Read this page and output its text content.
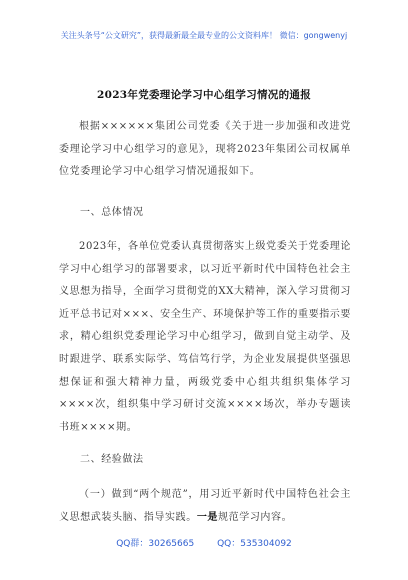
关注头条号“公文研究”，获得最新最全最专业的公文资料库！ 微信：gongwenyj
2023年党委理论学习中心组学习情况的通报
根据××××××集团公司党委《关于进一步加强和改进党委理论学习中心组学习的意见》，现将2023年集团公司权属单位党委理论学习中心组学习情况通报如下。
一、总体情况
2023年，各单位党委认真贯彻落实上级党委关于党委理论学习中心组学习的部署要求，以习近平新时代中国特色社会主义思想为指导，全面学习贯彻党的XX大精神，深入学习贯彻习近平总书记对×××、安全生产、环境保护等工作的重要指示要求，精心组织党委理论学习中心组学习，做到自觉主动学、及时跟进学、联系实际学、笃信笃行学，为企业发展提供坚强思想保证和强大精神力量，两级党委中心组共组织集体学习××××次，组织集中学习研讨交流××××场次，举办专题读书班××××期。
二、经验做法
（一）做到“两个规范”，用习近平新时代中国特色社会主义思想武装头脑、指导实践。一是规范学习内容。
QQ群：30265665	QQ：535304092
